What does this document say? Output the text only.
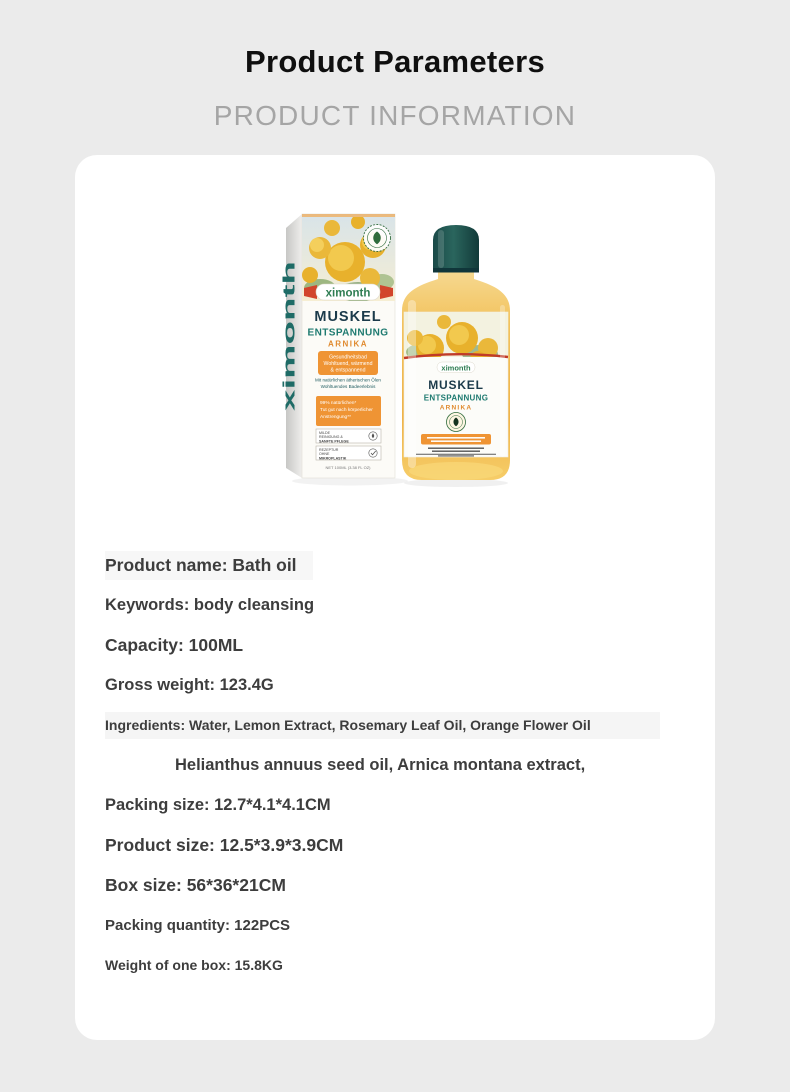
Product Parameters
PRODUCT INFORMATION
ximonth
ximonth
MUSKEL
ENTSPANNUNG
ARNIKA
Gesundheitsbad
Wohltuend, wärmend
& entspannend
Mit natürlichen ätherischen Ölen
Wohltuendes Badeerlebnis
99% natürlichen*
Tut gut nach körperlicher
Anstrengung**
MILDE
REINIGUNG &
SANFTE PFLEGE
REZEPTUR
OHNE
MIKROPLASTIK
NET 100ML (3.38 FL OZ)
ximonth
MUSKEL
ENTSPANNUNG
ARNIKA
Product name: Bath oil
Keywords: body cleansing
Capacity: 100ML
Gross weight: 123.4G
Ingredients: Water, Lemon Extract, Rosemary Leaf Oil, Orange Flower Oil
Helianthus annuus seed oil, Arnica montana extract,
Packing size: 12.7*4.1*4.1CM
Product size: 12.5*3.9*3.9CM
Box size: 56*36*21CM
Packing quantity: 122PCS
Weight of one box: 15.8KG
